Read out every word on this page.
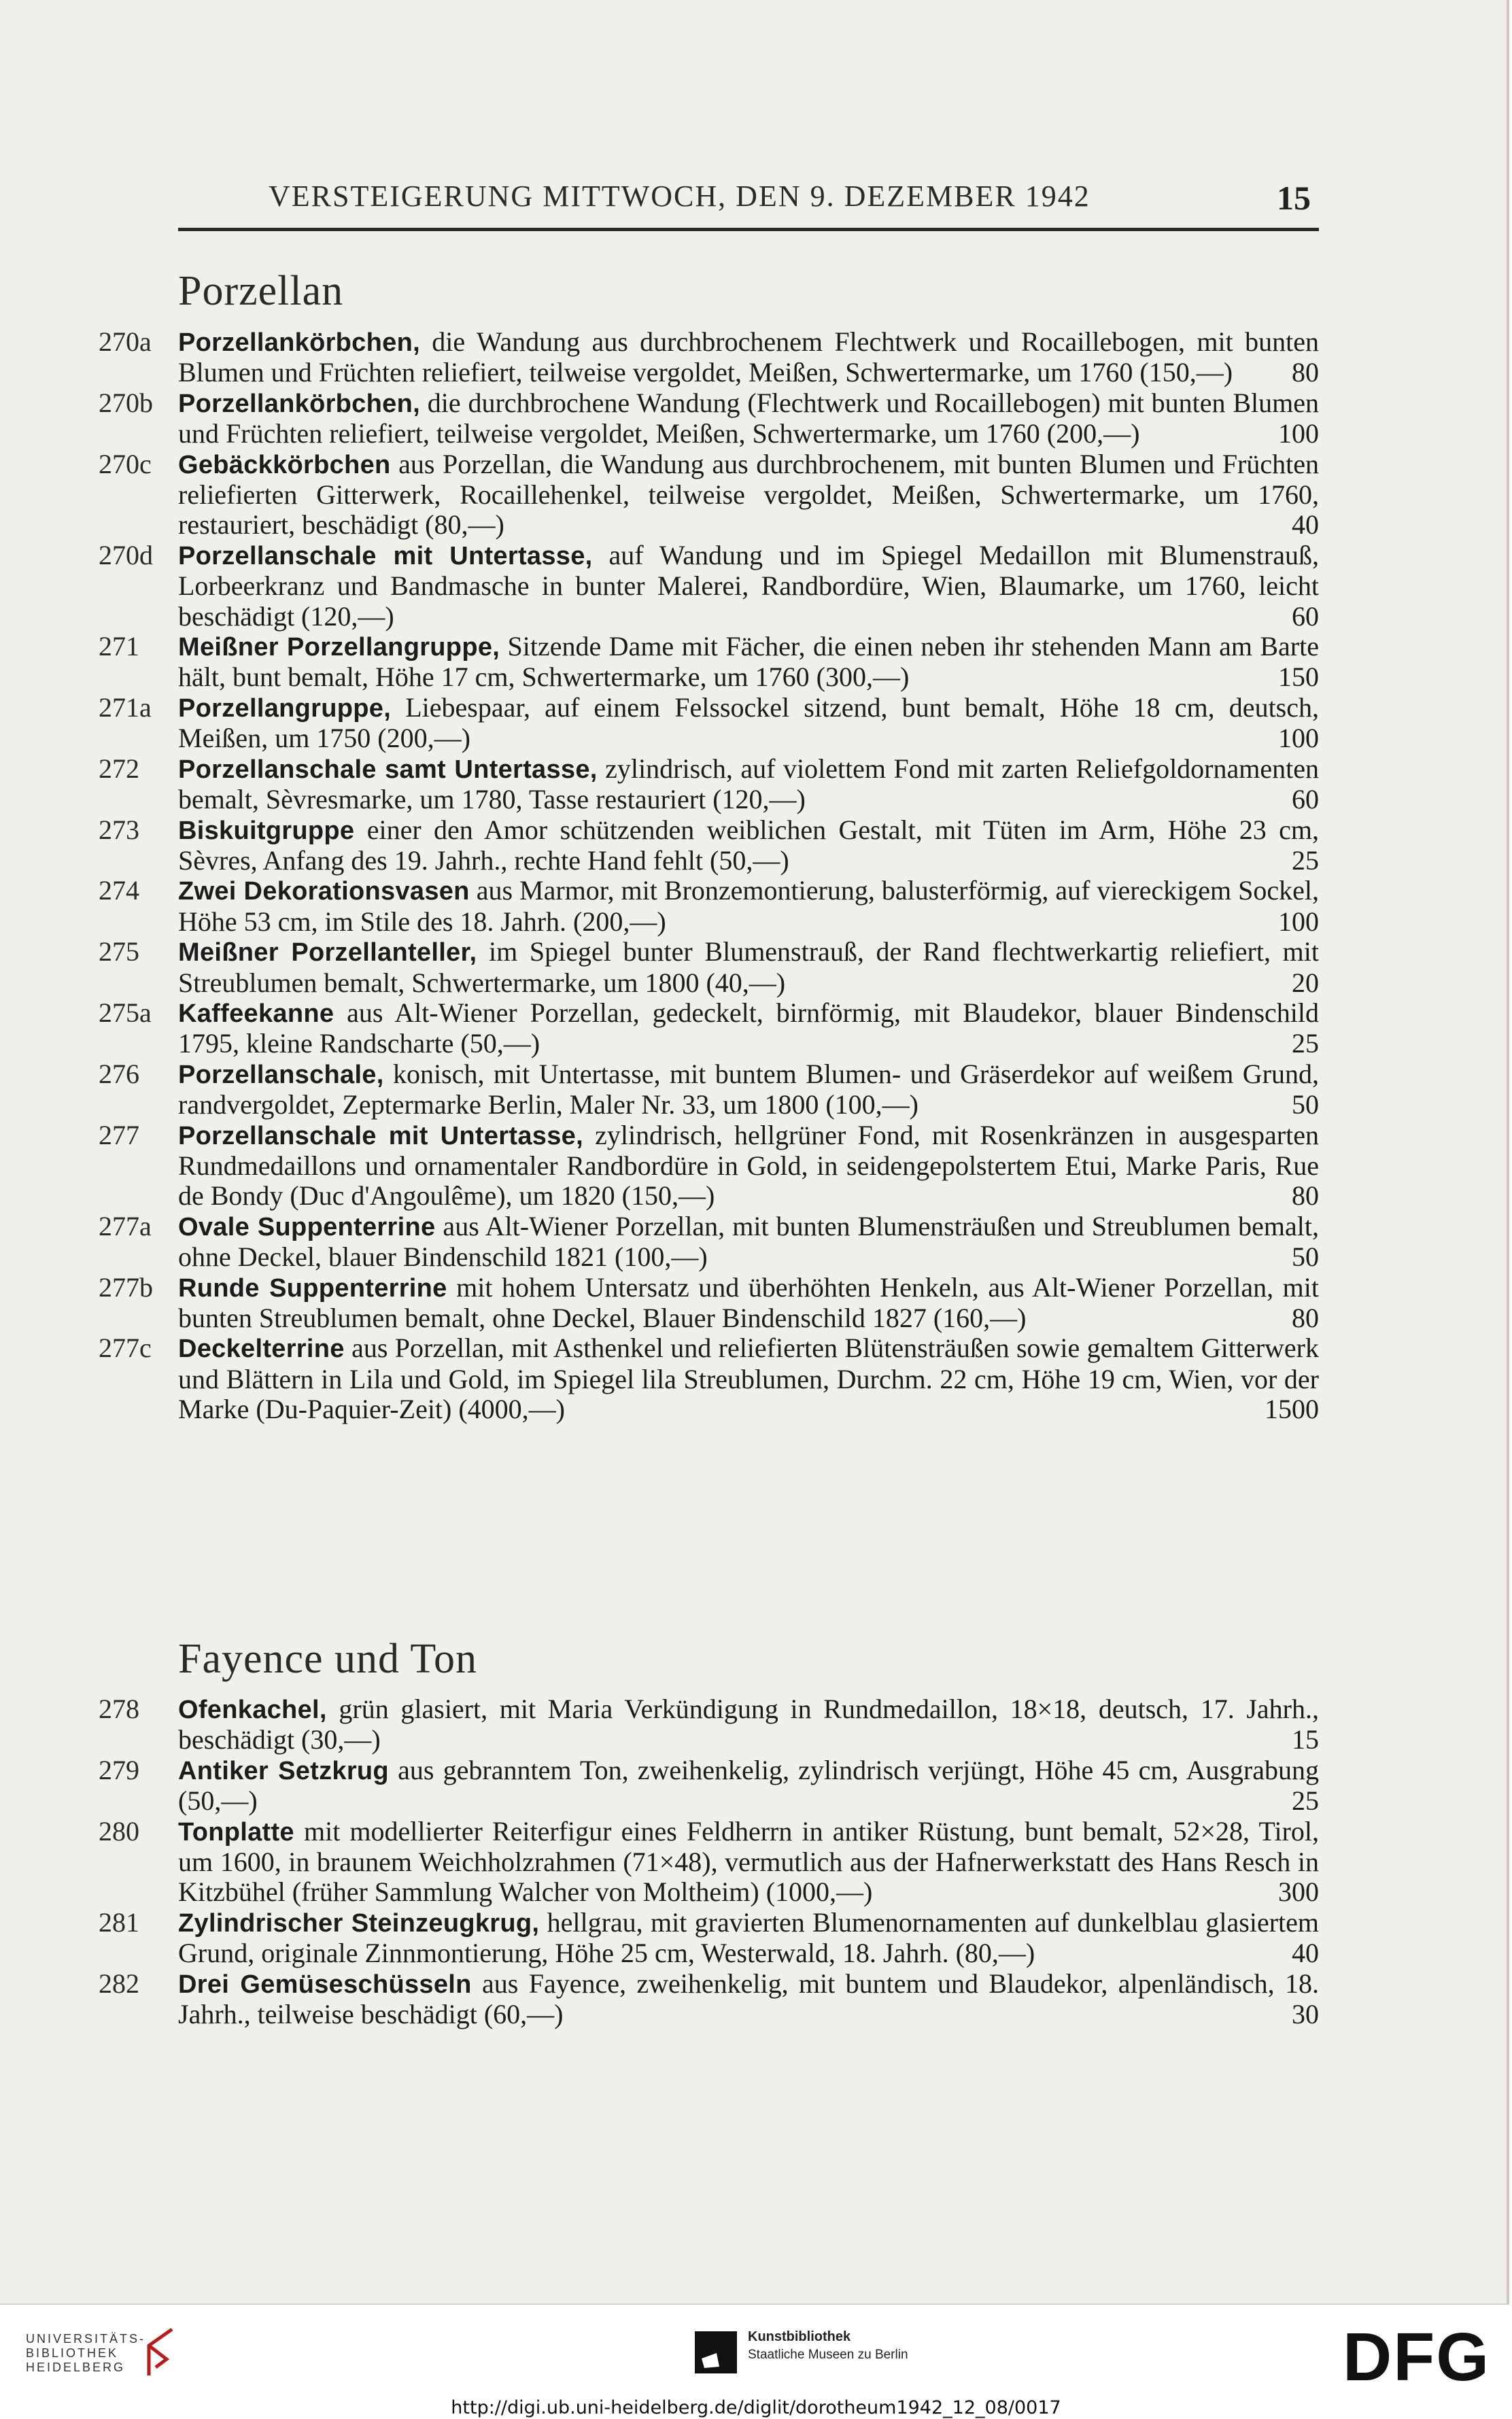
VERSTEIGERUNG MITTWOCH, DEN 9. DEZEMBER 1942	15
Porzellan
270a	Porzellankörbchen, die Wandung aus durchbrochenem Flechtwerk und Rocaillebogen, mit bunten Blumen und Früchten reliefiert, teilweise vergoldet, Meißen, Schwertermarke, um 1760 (150,—)	80
270b Porzellankörbchen, die durchbrochene Wandung (Flechtwerk und Rocaillebogen) mit bunten Blumen und Früchten reliefiert, teilweise vergoldet, Meißen, Schwertermarke, um 1760 (200,—)	100
270c	Gebäckkörbchen aus Porzellan, die Wandung aus durchbrochenem, mit bunten Blumen und Früchten reliefierten Gitterwerk, Rocaillehenkel, teilweise vergoldet, Meißen, Schwertermarke, um 1760, restauriert, beschädigt (80,—)	40
270d Porzellanschale mit Untertasse, auf Wandung und im Spiegel Medaillon mit Blumenstrauß, Lorbeerkranz und Bandmasche in bunter Malerei, Randbordüre, Wien, Blaumarke, um 1760, leicht beschädigt (120,—)	60
271	Meißner Porzellangruppe, Sitzende Dame mit Fächer, die einen neben ihr stehenden Mann am Barte hält, bunt bemalt, Höhe 17 cm, Schwertermarke, um 1760 (300,—)	150
271a	Porzellangruppe, Liebespaar, auf einem Felssockel sitzend, bunt bemalt, Höhe 18 cm, deutsch, Meißen, um 1750 (200,—)	100
272	Porzellanschale samt Untertasse, zylindrisch, auf violettem Fond mit zarten Reliefgoldornamenten bemalt, Sèvresmarke, um 1780, Tasse restauriert (120,—)	60
273	Biskuitgruppe einer den Amor schützenden weiblichen Gestalt, mit Tüten im Arm, Höhe 23 cm, Sèvres, Anfang des 19. Jahrh., rechte Hand fehlt (50,—)	25
274	Zwei Dekorationsvasen aus Marmor, mit Bronzemontierung, balusterförmig, auf viereckigem Sockel, Höhe 53 cm, im Stile des 18. Jahrh. (200,—)	100
275	Meißner Porzellanteller, im Spiegel bunter Blumenstrauß, der Rand flechtwerkartig reliefiert, mit Streublumen bemalt, Schwertermarke, um 1800 (40,—)	20
275a	Kaffeekanne aus Alt-Wiener Porzellan, gedeckelt, birnförmig, mit Blaudekor, blauer Bindenschild 1795, kleine Randscharte (50,—)	25
276	Porzellanschale, konisch, mit Untertasse, mit buntem Blumen- und Gräserdekor auf weißem Grund, randvergoldet, Zeptermarke Berlin, Maler Nr. 33, um 1800 (100,—)	50
277	Porzellanschale mit Untertasse, zylindrisch, hellgrüner Fond, mit Rosenkränzen in ausgesparten Rundmedaillons und ornamentaler Randbordüre in Gold, in seidengepolstertem Etui, Marke Paris, Rue de Bondy (Duc d'Angoulême), um 1820 (150,—)	80
277a	Ovale Suppenterrine aus Alt-Wiener Porzellan, mit bunten Blumensträußen und Streublumen bemalt, ohne Deckel, blauer Bindenschild 1821 (100,—)	50
277b Runde Suppenterrine mit hohem Untersatz und überhöhten Henkeln, aus Alt-Wiener Porzellan, mit bunten Streublumen bemalt, ohne Deckel, Blauer Bindenschild 1827 (160,—)	80
277c	Deckelterrine aus Porzellan, mit Asthenkel und reliefierten Blütensträußen sowie gemaltem Gitterwerk und Blättern in Lila und Gold, im Spiegel lila Streublumen, Durchm. 22 cm, Höhe 19 cm, Wien, vor der Marke (Du-Paquier-Zeit) (4000,—)	1500
Fayence und Ton
278	Ofenkachel, grün glasiert, mit Maria Verkündigung in Rundmedaillon, 18×18, deutsch, 17. Jahrh., beschädigt (30,—)	15
279	Antiker Setzkrug aus gebranntem Ton, zweihenkelig, zylindrisch verjüngt, Höhe 45 cm, Ausgrabung (50,—)	25
280	Tonplatte mit modellierter Reiterfigur eines Feldherrn in antiker Rüstung, bunt bemalt, 52×28, Tirol, um 1600, in braunem Weichholzrahmen (71×48), vermutlich aus der Hafnerwerkstatt des Hans Resch in Kitzbühel (früher Sammlung Walcher von Moltheim) (1000,—)	300
281	Zylindrischer Steinzeugkrug, hellgrau, mit gravierten Blumenornamenten auf dunkelblau glasiertem Grund, originale Zinnmontierung, Höhe 25 cm, Westerwald, 18. Jahrh. (80,—)	40
282	Drei Gemüseschüsseln aus Fayence, zweihenkelig, mit buntem und Blaudekor, alpenländisch, 18. Jahrh., teilweise beschädigt (60,—)	30
UNIVERSITÄTS-
BIBLIOTHEK
HEIDELBERG
Kunstbibliothek
Staatliche Museen zu Berlin	DFG
http://digi.ub.uni-heidelberg.de/diglit/dorotheum1942_12_08/0017
